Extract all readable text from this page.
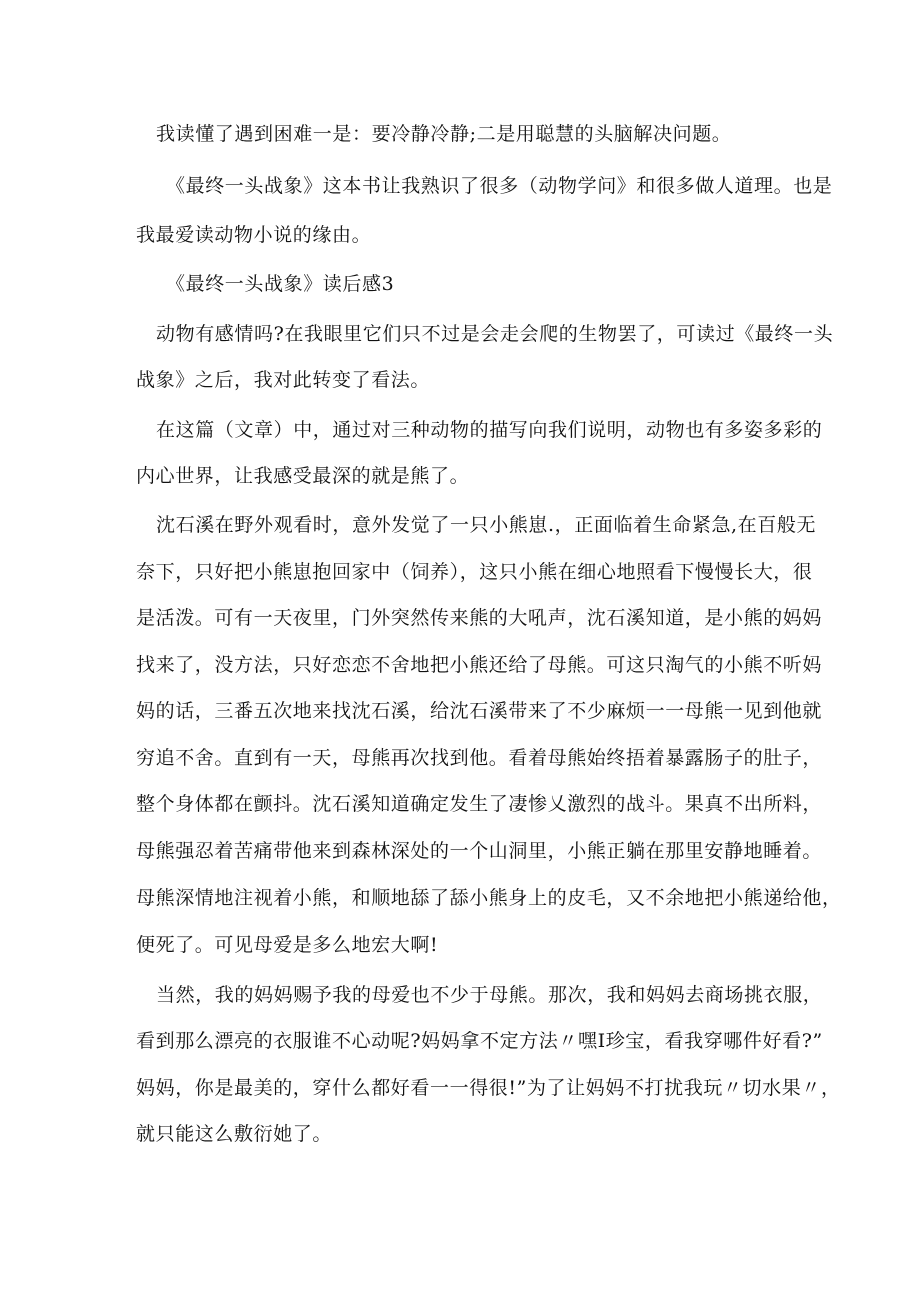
我读懂了遇到困难一是：要冷静冷静;二是用聪慧的头脑解决问题。
《最终一头战象》这本书让我熟识了很多（动物学问》和很多做人道理。也是
我最爱读动物小说的缘由。
《最终一头战象》读后感3
动物有感情吗?在我眼里它们只不过是会走会爬的生物罢了，可读过《最终一头
战象》之后，我对此转变了看法。
在这篇（文章）中，通过对三种动物的描写向我们说明，动物也有多姿多彩的
内心世界，让我感受最深的就是熊了。
沈石溪在野外观看时，意外发觉了一只小熊崽.，正面临着生命紧急,在百般无
奈下，只好把小熊崽抱回家中（饲养），这只小熊在细心地照看下慢慢长大，很
是活泼。可有一天夜里，门外突然传来熊的大吼声，沈石溪知道，是小熊的妈妈
找来了，没方法，只好恋恋不舍地把小熊还给了母熊。可这只淘气的小熊不听妈
妈的话，三番五次地来找沈石溪，给沈石溪带来了不少麻烦一一母熊一见到他就
穷追不舍。直到有一天，母熊再次找到他。看着母熊始终捂着暴露肠子的肚子，
整个身体都在颤抖。沈石溪知道确定发生了凄惨乂激烈的战斗。果真不出所料，
母熊强忍着苦痛带他来到森林深处的一个山洞里，小熊正躺在那里安静地睡着。
母熊深情地注视着小熊，和顺地舔了舔小熊身上的皮毛，又不余地把小熊递给他，
便死了。可见母爱是多么地宏大啊!
当然，我的妈妈赐予我的母爱也不少于母熊。那次，我和妈妈去商场挑衣服，
看到那么漂亮的衣服谁不心动呢?妈妈拿不定方法〃嘿I珍宝，看我穿哪件好看?”
妈妈，你是最美的，穿什么都好看一一得很!”为了让妈妈不打扰我玩〃切水果〃，
就只能这么敷衍她了。
